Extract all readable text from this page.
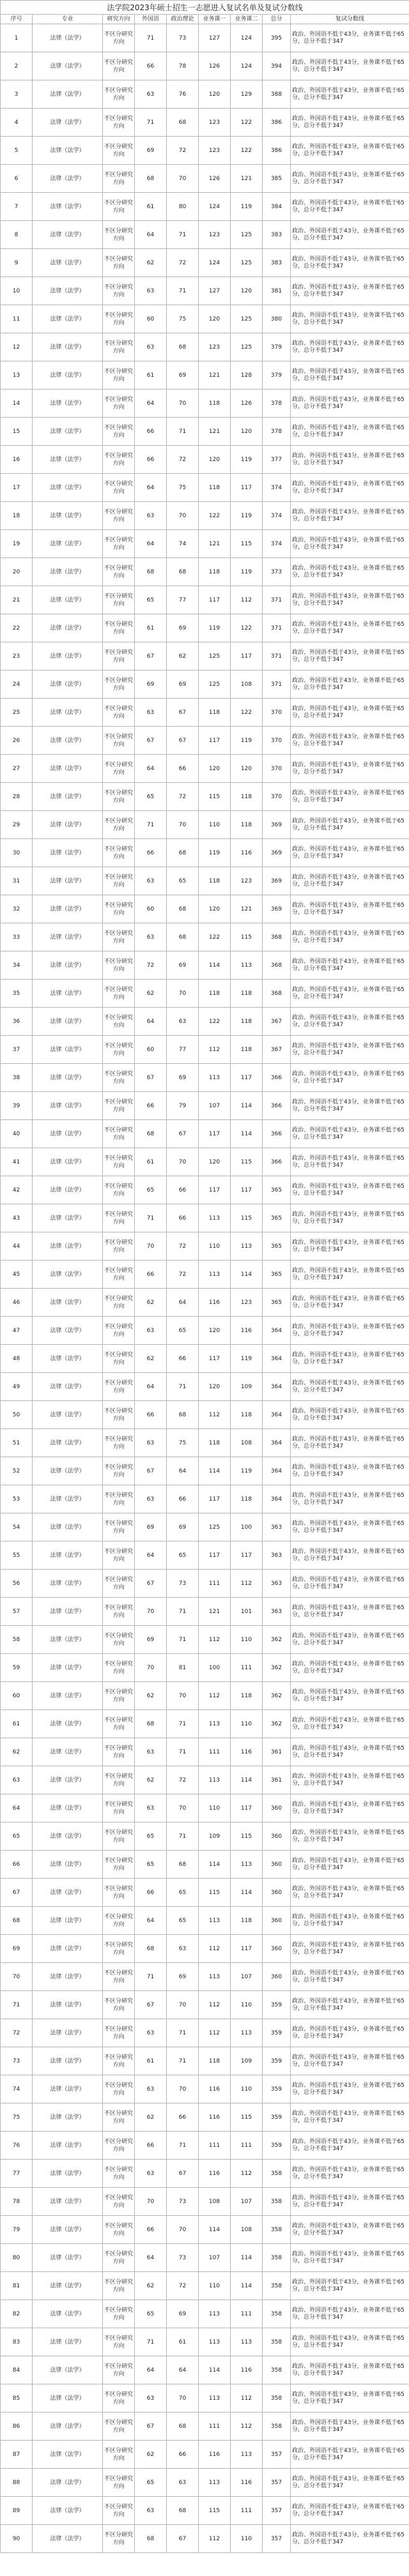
法学院2023年硕士招生一志愿进入复试名单及复试分数线								
序号	专业	研究方向	外国语	政治理论	业务课一	业务课二	总分	复试分数线
1	法律（法学）	不区分研究方向	71	73	127	124	395	政治、外国语不低于43分，业务课不低于65分，总分不低于347
2	法律（法学）	不区分研究方向	66	78	126	124	394	政治、外国语不低于43分，业务课不低于65分，总分不低于347
3	法律（法学）	不区分研究方向	63	76	120	129	388	政治、外国语不低于43分，业务课不低于65分，总分不低于347
4	法律（法学）	不区分研究方向	71	68	123	122	386	政治、外国语不低于43分，业务课不低于65分，总分不低于347
5	法律（法学）	不区分研究方向	69	72	123	122	386	政治、外国语不低于43分，业务课不低于65分，总分不低于347
6	法律（法学）	不区分研究方向	68	70	126	121	385	政治、外国语不低于43分，业务课不低于65分，总分不低于347
7	法律（法学）	不区分研究方向	61	80	124	119	384	政治、外国语不低于43分，业务课不低于65分，总分不低于347
8	法律（法学）	不区分研究方向	64	71	123	125	383	政治、外国语不低于43分，业务课不低于65分，总分不低于347
9	法律（法学）	不区分研究方向	62	72	124	125	383	政治、外国语不低于43分，业务课不低于65分，总分不低于347
10	法律（法学）	不区分研究方向	63	71	127	120	381	政治、外国语不低于43分，业务课不低于65分，总分不低于347
11	法律（法学）	不区分研究方向	60	75	120	125	380	政治、外国语不低于43分，业务课不低于65分，总分不低于347
12	法律（法学）	不区分研究方向	63	68	123	125	379	政治、外国语不低于43分，业务课不低于65分，总分不低于347
13	法律（法学）	不区分研究方向	61	69	121	128	379	政治、外国语不低于43分，业务课不低于65分，总分不低于347
14	法律（法学）	不区分研究方向	64	70	118	126	378	政治、外国语不低于43分，业务课不低于65分，总分不低于347
15	法律（法学）	不区分研究方向	66	71	121	120	378	政治、外国语不低于43分，业务课不低于65分，总分不低于347
16	法律（法学）	不区分研究方向	66	72	120	119	377	政治、外国语不低于43分，业务课不低于65分，总分不低于347
17	法律（法学）	不区分研究方向	64	75	118	117	374	政治、外国语不低于43分，业务课不低于65分，总分不低于347
18	法律（法学）	不区分研究方向	63	70	122	119	374	政治、外国语不低于43分，业务课不低于65分，总分不低于347
19	法律（法学）	不区分研究方向	64	74	121	115	374	政治、外国语不低于43分，业务课不低于65分，总分不低于347
20	法律（法学）	不区分研究方向	68	68	118	119	373	政治、外国语不低于43分，业务课不低于65分，总分不低于347
21	法律（法学）	不区分研究方向	65	77	117	112	371	政治、外国语不低于43分，业务课不低于65分，总分不低于347
22	法律（法学）	不区分研究方向	61	69	119	122	371	政治、外国语不低于43分，业务课不低于65分，总分不低于347
23	法律（法学）	不区分研究方向	67	62	125	117	371	政治、外国语不低于43分，业务课不低于65分，总分不低于347
24	法律（法学）	不区分研究方向	69	69	125	108	371	政治、外国语不低于43分，业务课不低于65分，总分不低于347
25	法律（法学）	不区分研究方向	63	67	118	122	370	政治、外国语不低于43分，业务课不低于65分，总分不低于347
26	法律（法学）	不区分研究方向	67	67	117	119	370	政治、外国语不低于43分，业务课不低于65分，总分不低于347
27	法律（法学）	不区分研究方向	64	66	120	120	370	政治、外国语不低于43分，业务课不低于65分，总分不低于347
28	法律（法学）	不区分研究方向	65	72	115	118	370	政治、外国语不低于43分，业务课不低于65分，总分不低于347
29	法律（法学）	不区分研究方向	71	70	110	118	369	政治、外国语不低于43分，业务课不低于65分，总分不低于347
30	法律（法学）	不区分研究方向	66	68	119	116	369	政治、外国语不低于43分，业务课不低于65分，总分不低于347
31	法律（法学）	不区分研究方向	63	65	118	123	369	政治、外国语不低于43分，业务课不低于65分，总分不低于347
32	法律（法学）	不区分研究方向	60	68	120	121	369	政治、外国语不低于43分，业务课不低于65分，总分不低于347
33	法律（法学）	不区分研究方向	63	68	122	115	368	政治、外国语不低于43分，业务课不低于65分，总分不低于347
34	法律（法学）	不区分研究方向	72	69	114	113	368	政治、外国语不低于43分，业务课不低于65分，总分不低于347
35	法律（法学）	不区分研究方向	62	70	118	118	368	政治、外国语不低于43分，业务课不低于65分，总分不低于347
36	法律（法学）	不区分研究方向	64	63	122	118	367	政治、外国语不低于43分，业务课不低于65分，总分不低于347
37	法律（法学）	不区分研究方向	60	77	112	118	367	政治、外国语不低于43分，业务课不低于65分，总分不低于347
38	法律（法学）	不区分研究方向	67	69	113	117	366	政治、外国语不低于43分，业务课不低于65分，总分不低于347
39	法律（法学）	不区分研究方向	66	79	107	114	366	政治、外国语不低于43分，业务课不低于65分，总分不低于347
40	法律（法学）	不区分研究方向	68	67	117	114	366	政治、外国语不低于43分，业务课不低于65分，总分不低于347
41	法律（法学）	不区分研究方向	61	70	120	115	366	政治、外国语不低于43分，业务课不低于65分，总分不低于347
42	法律（法学）	不区分研究方向	65	66	117	117	365	政治、外国语不低于43分，业务课不低于65分，总分不低于347
43	法律（法学）	不区分研究方向	71	66	113	115	365	政治、外国语不低于43分，业务课不低于65分，总分不低于347
44	法律（法学）	不区分研究方向	70	72	110	113	365	政治、外国语不低于43分，业务课不低于65分，总分不低于347
45	法律（法学）	不区分研究方向	66	72	113	114	365	政治、外国语不低于43分，业务课不低于65分，总分不低于347
46	法律（法学）	不区分研究方向	62	64	116	123	365	政治、外国语不低于43分，业务课不低于65分，总分不低于347
47	法律（法学）	不区分研究方向	63	65	120	116	364	政治、外国语不低于43分，业务课不低于65分，总分不低于347
48	法律（法学）	不区分研究方向	62	66	117	119	364	政治、外国语不低于43分，业务课不低于65分，总分不低于347
49	法律（法学）	不区分研究方向	64	71	120	109	364	政治、外国语不低于43分，业务课不低于65分，总分不低于347
50	法律（法学）	不区分研究方向	66	68	112	118	364	政治、外国语不低于43分，业务课不低于65分，总分不低于347
51	法律（法学）	不区分研究方向	63	75	118	108	364	政治、外国语不低于43分，业务课不低于65分，总分不低于347
52	法律（法学）	不区分研究方向	67	64	114	119	364	政治、外国语不低于43分，业务课不低于65分，总分不低于347
53	法律（法学）	不区分研究方向	63	66	117	118	364	政治、外国语不低于43分，业务课不低于65分，总分不低于347
54	法律（法学）	不区分研究方向	69	69	125	100	363	政治、外国语不低于43分，业务课不低于65分，总分不低于347
55	法律（法学）	不区分研究方向	64	65	117	117	363	政治、外国语不低于43分，业务课不低于65分，总分不低于347
56	法律（法学）	不区分研究方向	67	73	111	112	363	政治、外国语不低于43分，业务课不低于65分，总分不低于347
57	法律（法学）	不区分研究方向	70	71	121	101	363	政治、外国语不低于43分，业务课不低于65分，总分不低于347
58	法律（法学）	不区分研究方向	69	71	112	110	362	政治、外国语不低于43分，业务课不低于65分，总分不低于347
59	法律（法学）	不区分研究方向	70	81	100	111	362	政治、外国语不低于43分，业务课不低于65分，总分不低于347
60	法律（法学）	不区分研究方向	62	70	112	118	362	政治、外国语不低于43分，业务课不低于65分，总分不低于347
61	法律（法学）	不区分研究方向	68	71	113	110	362	政治、外国语不低于43分，业务课不低于65分，总分不低于347
62	法律（法学）	不区分研究方向	63	71	111	116	361	政治、外国语不低于43分，业务课不低于65分，总分不低于347
63	法律（法学）	不区分研究方向	62	72	113	114	361	政治、外国语不低于43分，业务课不低于65分，总分不低于347
64	法律（法学）	不区分研究方向	63	70	110	117	360	政治、外国语不低于43分，业务课不低于65分，总分不低于347
65	法律（法学）	不区分研究方向	65	71	109	115	360	政治、外国语不低于43分，业务课不低于65分，总分不低于347
66	法律（法学）	不区分研究方向	65	68	114	113	360	政治、外国语不低于43分，业务课不低于65分，总分不低于347
67	法律（法学）	不区分研究方向	66	65	115	114	360	政治、外国语不低于43分，业务课不低于65分，总分不低于347
68	法律（法学）	不区分研究方向	64	65	113	118	360	政治、外国语不低于43分，业务课不低于65分，总分不低于347
69	法律（法学）	不区分研究方向	68	63	112	117	360	政治、外国语不低于43分，业务课不低于65分，总分不低于347
70	法律（法学）	不区分研究方向	71	69	113	107	360	政治、外国语不低于43分，业务课不低于65分，总分不低于347
71	法律（法学）	不区分研究方向	67	70	112	110	359	政治、外国语不低于43分，业务课不低于65分，总分不低于347
72	法律（法学）	不区分研究方向	63	71	112	113	359	政治、外国语不低于43分，业务课不低于65分，总分不低于347
73	法律（法学）	不区分研究方向	61	71	118	109	359	政治、外国语不低于43分，业务课不低于65分，总分不低于347
74	法律（法学）	不区分研究方向	63	70	116	110	359	政治、外国语不低于43分，业务课不低于65分，总分不低于347
75	法律（法学）	不区分研究方向	62	66	116	115	359	政治、外国语不低于43分，业务课不低于65分，总分不低于347
76	法律（法学）	不区分研究方向	66	71	111	111	359	政治、外国语不低于43分，业务课不低于65分，总分不低于347
77	法律（法学）	不区分研究方向	63	67	116	112	358	政治、外国语不低于43分，业务课不低于65分，总分不低于347
78	法律（法学）	不区分研究方向	70	73	108	107	358	政治、外国语不低于43分，业务课不低于65分，总分不低于347
79	法律（法学）	不区分研究方向	66	70	114	108	358	政治、外国语不低于43分，业务课不低于65分，总分不低于347
80	法律（法学）	不区分研究方向	64	73	107	114	358	政治、外国语不低于43分，业务课不低于65分，总分不低于347
81	法律（法学）	不区分研究方向	62	72	110	114	358	政治、外国语不低于43分，业务课不低于65分，总分不低于347
82	法律（法学）	不区分研究方向	65	69	113	111	358	政治、外国语不低于43分，业务课不低于65分，总分不低于347
83	法律（法学）	不区分研究方向	71	61	113	113	358	政治、外国语不低于43分，业务课不低于65分，总分不低于347
84	法律（法学）	不区分研究方向	64	64	114	116	358	政治、外国语不低于43分，业务课不低于65分，总分不低于347
85	法律（法学）	不区分研究方向	63	70	113	112	358	政治、外国语不低于43分，业务课不低于65分，总分不低于347
86	法律（法学）	不区分研究方向	67	68	111	112	358	政治、外国语不低于43分，业务课不低于65分，总分不低于347
87	法律（法学）	不区分研究方向	62	66	116	113	357	政治、外国语不低于43分，业务课不低于65分，总分不低于347
88	法律（法学）	不区分研究方向	65	63	113	116	357	政治、外国语不低于43分，业务课不低于65分，总分不低于347
89	法律（法学）	不区分研究方向	63	68	115	111	357	政治、外国语不低于43分，业务课不低于65分，总分不低于347
90	法律（法学）	不区分研究方向	68	67	112	110	357	政治、外国语不低于43分，业务课不低于65分，总分不低于347
